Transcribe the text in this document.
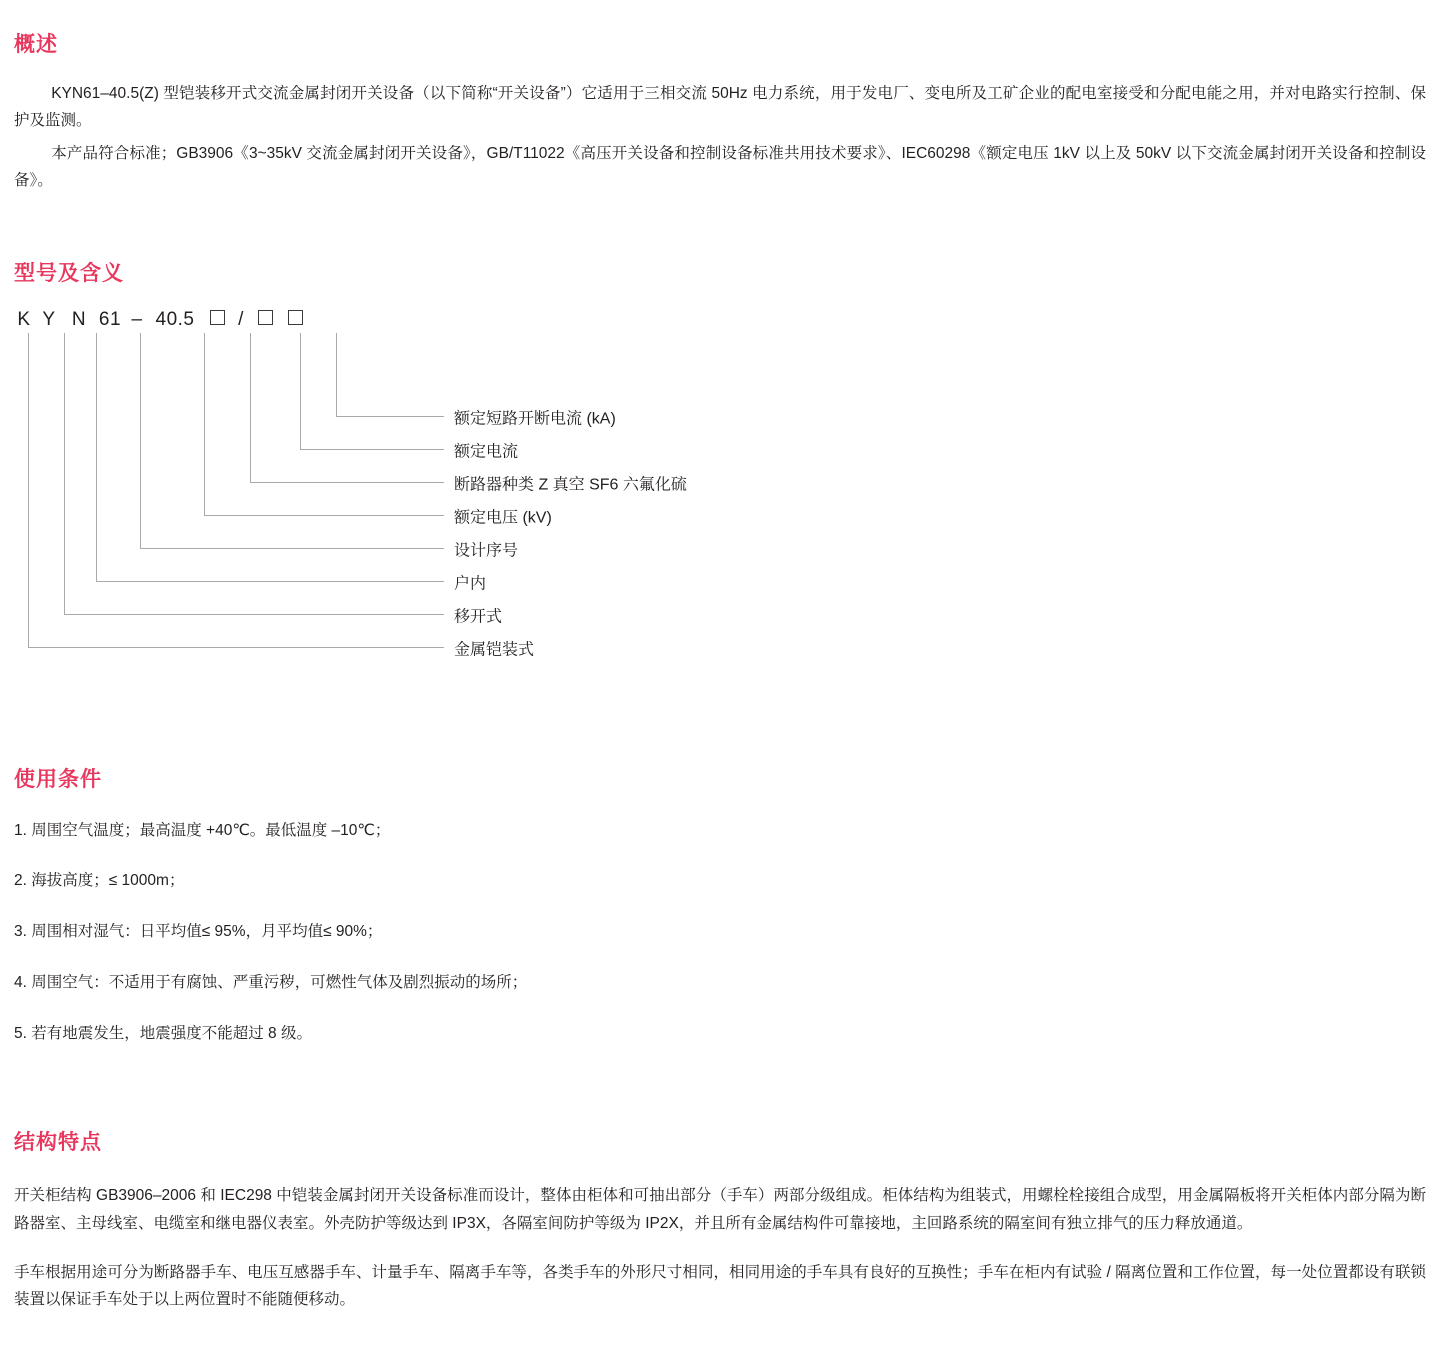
概述

KYN61–40.5(Z) 型铠装移开式交流金属封闭开关设备（以下简称“开关设备”）它适用于三相交流 50Hz 电力系统，用于发电厂、变电所及工矿企业的配电室接受和分配电能之用，并对电路实行控制、保护及监测。

本产品符合标准；GB3906《3~35kV 交流金属封闭开关设备》，GB/T11022《高压开关设备和控制设备标准共用技术要求》、IEC60298《额定电压 1kV 以上及 50kV 以下交流金属封闭开关设备和控制设备》。

型号及含义
K Y N 61 – 40.5	/
额定短路开断电流 (kA)
额定电流
断路器种类 Z 真空 SF6 六氟化硫
额定电压 (kV)
设计序号
户内
移开式
金属铠装式
使用条件

1. 周围空气温度；最高温度 +40℃。最低温度 –10℃；

2. 海拔高度；≤ 1000m；

3. 周围相对湿气：日平均值≤ 95%，月平均值≤ 90%；

4. 周围空气：不适用于有腐蚀、严重污秽，可燃性气体及剧烈振动的场所；

5. 若有地震发生，地震强度不能超过 8 级。

结构特点

开关柜结构 GB3906–2006 和 IEC298 中铠装金属封闭开关设备标准而设计，整体由柜体和可抽出部分（手车）两部分级组成。柜体结构为组装式，用螺栓栓接组合成型，用金属隔板将开关柜体内部分隔为断路器室、主母线室、电缆室和继电器仪表室。外壳防护等级达到 IP3X，各隔室间防护等级为 IP2X，并且所有金属结构件可靠接地，主回路系统的隔室间有独立排气的压力释放通道。

手车根据用途可分为断路器手车、电压互感器手车、计量手车、隔离手车等，各类手车的外形尺寸相同，相同用途的手车具有良好的互换性；手车在柜内有试验 / 隔离位置和工作位置，每一处位置都设有联锁装置以保证手车处于以上两位置时不能随便移动。
